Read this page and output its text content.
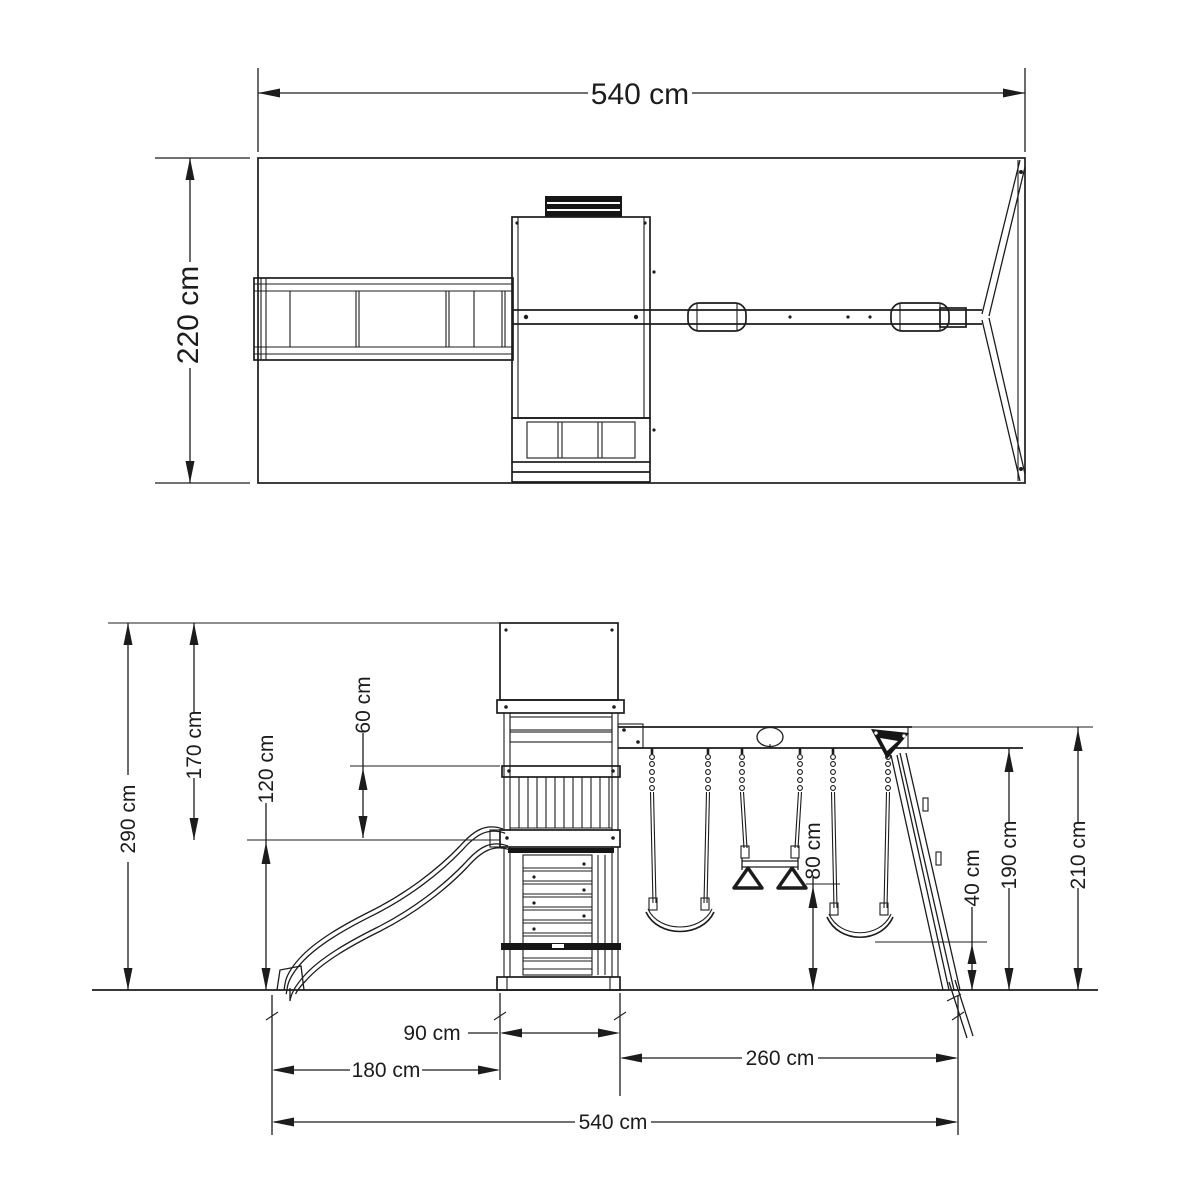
540 cm
220 cm
290 cm
170 cm 120 cm
60 cm
80 cm	40 cm 190 cm 210 cm
90 cm
180 cm
260 cm
540 cm
